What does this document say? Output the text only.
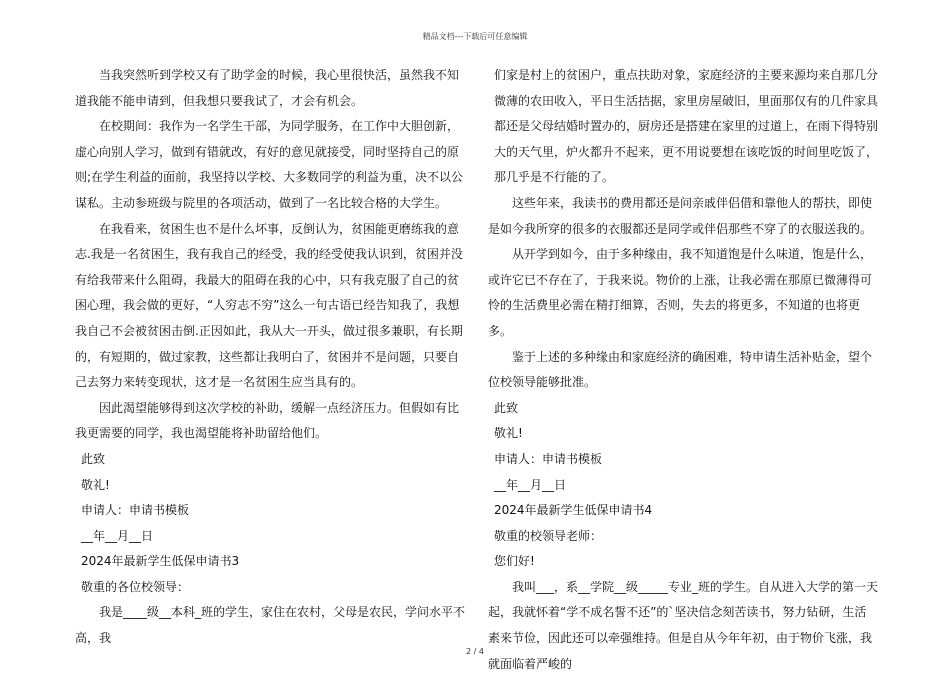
精品文档---下载后可任意编辑

当我突然听到学校又有了助学金的时候，我心里很快活，虽然我不知道我能不能申请到，但我想只要我试了，才会有机会。

在校期间：我作为一名学生干部，为同学服务，在工作中大胆创新，虚心向别人学习，做到有错就改，有好的意见就接受，同时坚持自己的原则;在学生利益的面前，我坚持以学校、大多数同学的利益为重，决不以公谋私。主动参班级与院里的各项活动，做到了一名比较合格的大学生。

在我看来，贫困生也不是什么坏事，反倒认为，贫困能更磨练我的意志.我是一名贫困生，我有我自己的经受，我的经受使我认识到，贫困并没有给我带来什么阻碍，我最大的阻碍在我的心中，只有我克服了自己的贫困心理，我会做的更好，“人穷志不穷”这么一句古语已经告知我了，我想我自己不会被贫困击倒.正因如此，我从大一开头，做过很多兼职，有长期的，有短期的，做过家教，这些都让我明白了，贫困并不是问题，只要自己去努力来转变现状，这才是一名贫困生应当具有的。

因此渴望能够得到这次学校的补助，缓解一点经济压力。但假如有比我更需要的同学，我也渴望能将补助留给他们。

此致

敬礼!

申请人：申请书模板

__年__月__日

2024年最新学生低保申请书3

敬重的各位校领导：

我是____级__本科_班的学生，家住在农村，父母是农民，学问水平不高，我

们家是村上的贫困户，重点扶助对象，家庭经济的主要来源均来自那几分微薄的农田收入，平日生活拮据，家里房屋破旧，里面那仅有的几件家具都还是父母结婚时置办的，厨房还是搭建在家里的过道上，在雨下得特别大的天气里，炉火都升不起来，更不用说要想在该吃饭的时间里吃饭了，那几乎是不行能的了。

这些年来，我读书的费用都还是问亲戚伴侣借和靠他人的帮扶，即使是如今我所穿的很多的衣服都还是同学或伴侣那些不穿了的衣服送我的。

从开学到如今，由于多种缘由，我不知道饱是什么味道，饱是什么，或许它已不存在了，于我来说。物价的上涨，让我必需在那原已微薄得可怜的生活费里必需在精打细算，否则，失去的将更多，不知道的也将更多。

鉴于上述的多种缘由和家庭经济的确困难，特申请生活补贴金，望个位校领导能够批准。

此致

敬礼!

申请人：申请书模板

__年__月__日

2024年最新学生低保申请书4

敬重的校领导老师：

您们好!

我叫___，系__学院__级_____专业_班的学生。自从进入大学的第一天起，我就怀着“学不成名誓不还”的`坚决信念刻苦读书，努力钻研，生活素来节俭，因此还可以牵强维持。但是自从今年年初，由于物价飞涨，我就面临着严峻的

2 / 4
